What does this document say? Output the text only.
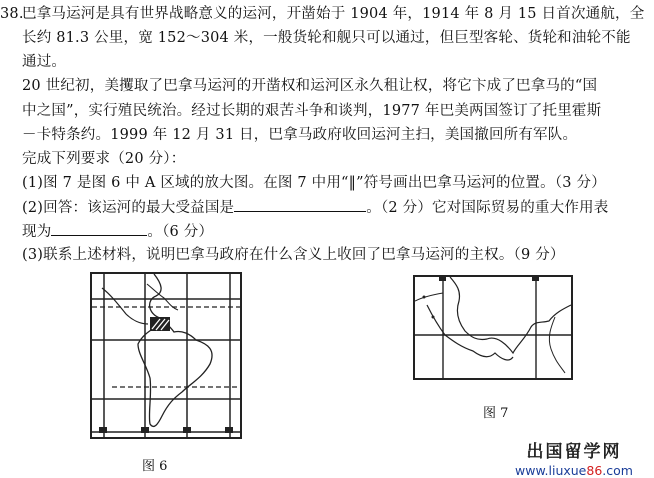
38.巴拿马运河是具有世界战略意义的运河，开凿始于 1904 年，1914 年 8 月 15 日首次通航，全
长约 81.3 公里，宽 152～304 米，一般货轮和舰只可以通过，但巨型客轮、货轮和油轮不能
通过。
20 世纪初，美攫取了巴拿马运河的开凿权和运河区永久租让权，将它卞成了巴拿马的“国
中之国”，实行殖民统治。经过长期的艰苦斗争和谈判，1977 年巴美两国签订了托里霍斯
－卡特条约。1999 年 12 月 31 日，巴拿马政府收回运河主扫，美国撤回所有军队。
完成下列要求（20 分）：
(1)图 7 是图 6 中 A 区域的放大图。在图 7 中用“‖”符号画出巴拿马运河的位置。（3 分）
(2)回答：该运河的最大受益国是	。（2 分）它对国际贸易的重大作用表
现为	。（6 分）
(3)联系上述材料，说明巴拿马政府在什么含义上收回了巴拿马运河的主权。（9 分）
图 6
图 7
出国留学网
www.liuxue86.com
